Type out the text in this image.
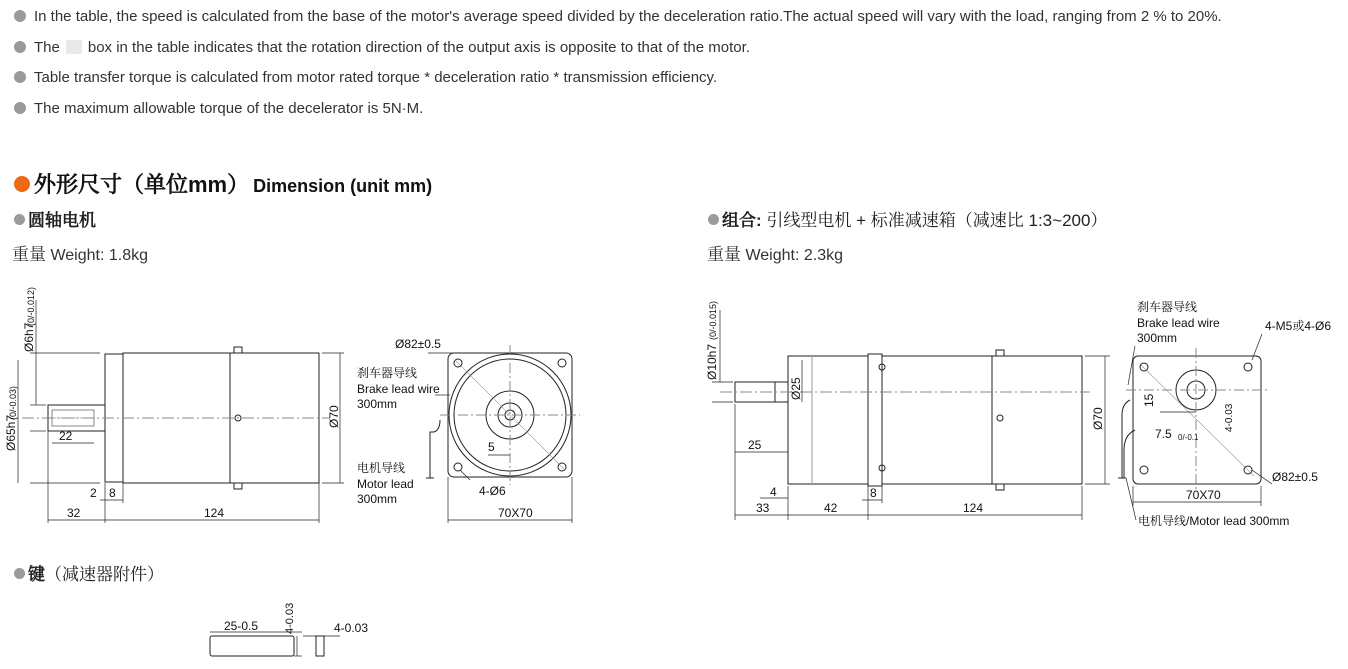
In the table, the speed is calculated from the base of the motor's average speed divided by the deceleration ratio.The actual speed will vary with the load, ranging from 2 % to 20%.
The box in the table indicates that the rotation direction of the output axis is opposite to that of the motor.
Table transfer torque is calculated from motor rated torque * deceleration ratio * transmission efficiency.
The maximum allowable torque of the decelerator is 5N·M.
外形尺寸（单位mm） Dimension (unit mm)
圆轴电机
重量 Weight: 1.8kg
组合: 引线型电机 + 标准减速箱（减速比 1:3~200）
重量 Weight: 2.3kg
键（减速器附件）
Ø6h7
(0/-0.012)
Ø65h7
(0/-0.03)
22
2 8
32	124
Ø70
Ø82±0.5
刹车器导线
Brake lead wire
300mm
电机导线
Motor lead
300mm
5
4-Ø6
70X70
Ø10h7
(0/-0.015)
Ø25
25
4
33	42
8
124
Ø70
刹车器导线
Brake lead wire
300mm
4-M5或4-Ø6
15
7.5 0/-0.1
4-0.03
Ø82±0.5
70X70
电机导线/Motor lead 300mm
25-0.5 4-0.03	4-0.03
